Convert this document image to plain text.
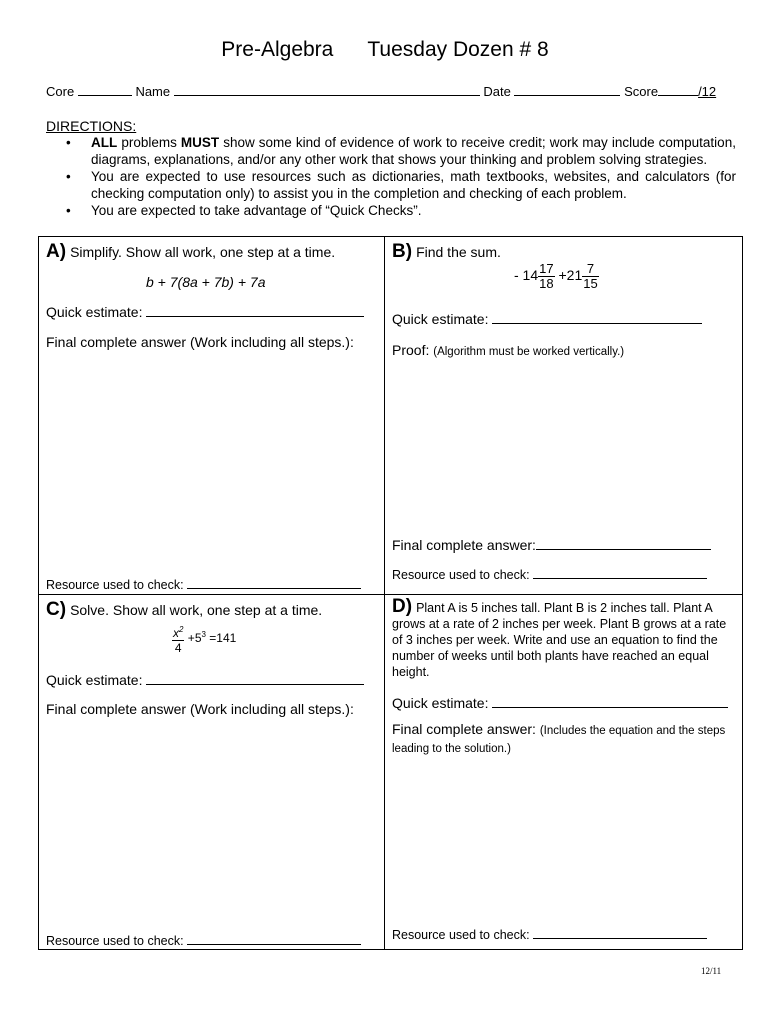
Pre-Algebra Tuesday Dozen # 8
Core	Name	Date	Score	/12
DIRECTIONS:
• ALL problems MUST show some kind of evidence of work to receive credit; work may include computation, diagrams, explanations, and/or any other work that shows your thinking and problem solving strategies.
• You are expected to use resources such as dictionaries, math textbooks, websites, and calculators (for checking computation only) to assist you in the completion and checking of each problem.
• You are expected to take advantage of “Quick Checks”.
A) Simplify. Show all work, one step at a time.
b + 7(8a + 7b) + 7a
Quick estimate:
Final complete answer (Work including all steps.):
Resource used to check:
B) Find the sum.
- $14 \frac{17}{18} +21 \frac{7}{15}$
Quick estimate:
Proof: (Algorithm must be worked vertically.)
Final complete answer:
Resource used to check:
C) Solve. Show all work, one step at a time.
$\frac{x^2}{4} +5^3 =141$
Quick estimate:
Final complete answer (Work including all steps.):
Resource used to check:
D) Plant A is 5 inches tall. Plant B is 2 inches tall. Plant A grows at a rate of 2 inches per week. Plant B grows at a rate of 3 inches per week. Write and use an equation to find the number of weeks until both plants have reached an equal height.
Quick estimate:
Final complete answer: (Includes the equation and the steps leading to the solution.)
Resource used to check:
12/11
